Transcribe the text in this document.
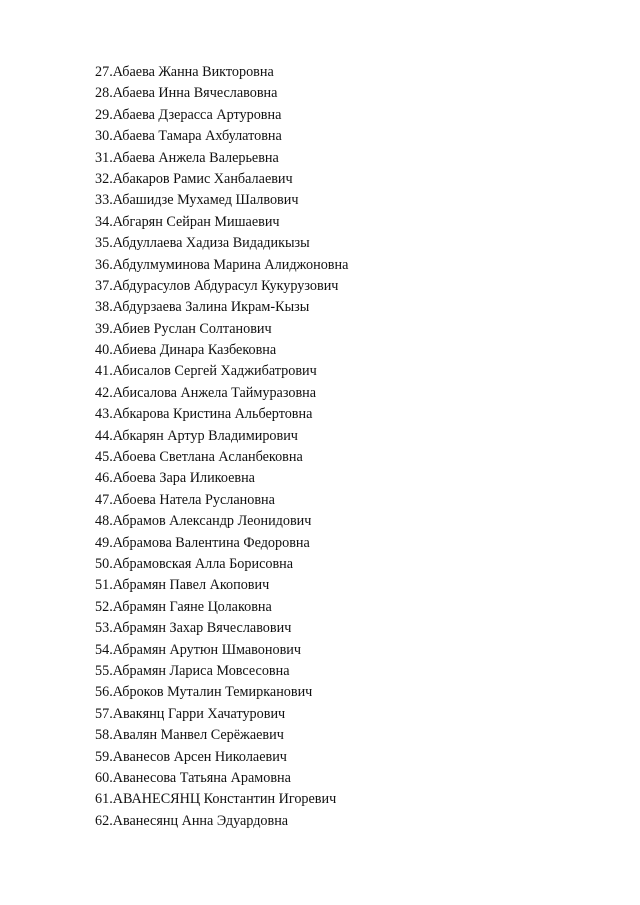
27.Абаева Жанна Викторовна
28.Абаева Инна Вячеславовна
29.Абаева Дзерасса Артуровна
30.Абаева Тамара Ахбулатовна
31.Абаева Анжела Валерьевна
32.Абакаров Рамис Ханбалаевич
33.Абашидзе Мухамед Шалвович
34.Абгарян Сейран Мишаевич
35.Абдуллаева Хадиза Видадикызы
36.Абдулмуминова Марина Алиджоновна
37.Абдурасулов Абдурасул Кукурузович
38.Абдурзаева Залина Икрам-Кызы
39.Абиев Руслан Солтанович
40.Абиева Динара Казбековна
41.Абисалов Сергей Хаджибатрович
42.Абисалова Анжела Таймуразовна
43.Абкарова Кристина Альбертовна
44.Абкарян Артур Владимирович
45.Абоева Светлана Асланбековна
46.Абоева Зара Иликоевна
47.Абоева Натела Руслановна
48.Абрамов Александр Леонидович
49.Абрамова Валентина Федоровна
50.Абрамовская Алла Борисовна
51.Абрамян Павел Акопович
52.Абрамян Гаяне Цолаковна
53.Абрамян Захар Вячеславович
54.Абрамян Арутюн Шмавонович
55.Абрамян Лариса Мовсесовна
56.Аброков Муталин Темирканович
57.Авакянц Гарри Хачатурович
58.Авалян Манвел Серёжаевич
59.Аванесов Арсен Николаевич
60.Аванесова Татьяна Арамовна
61.АВАНЕСЯНЦ Константин Игоревич
62.Аванесянц Анна Эдуардовна
